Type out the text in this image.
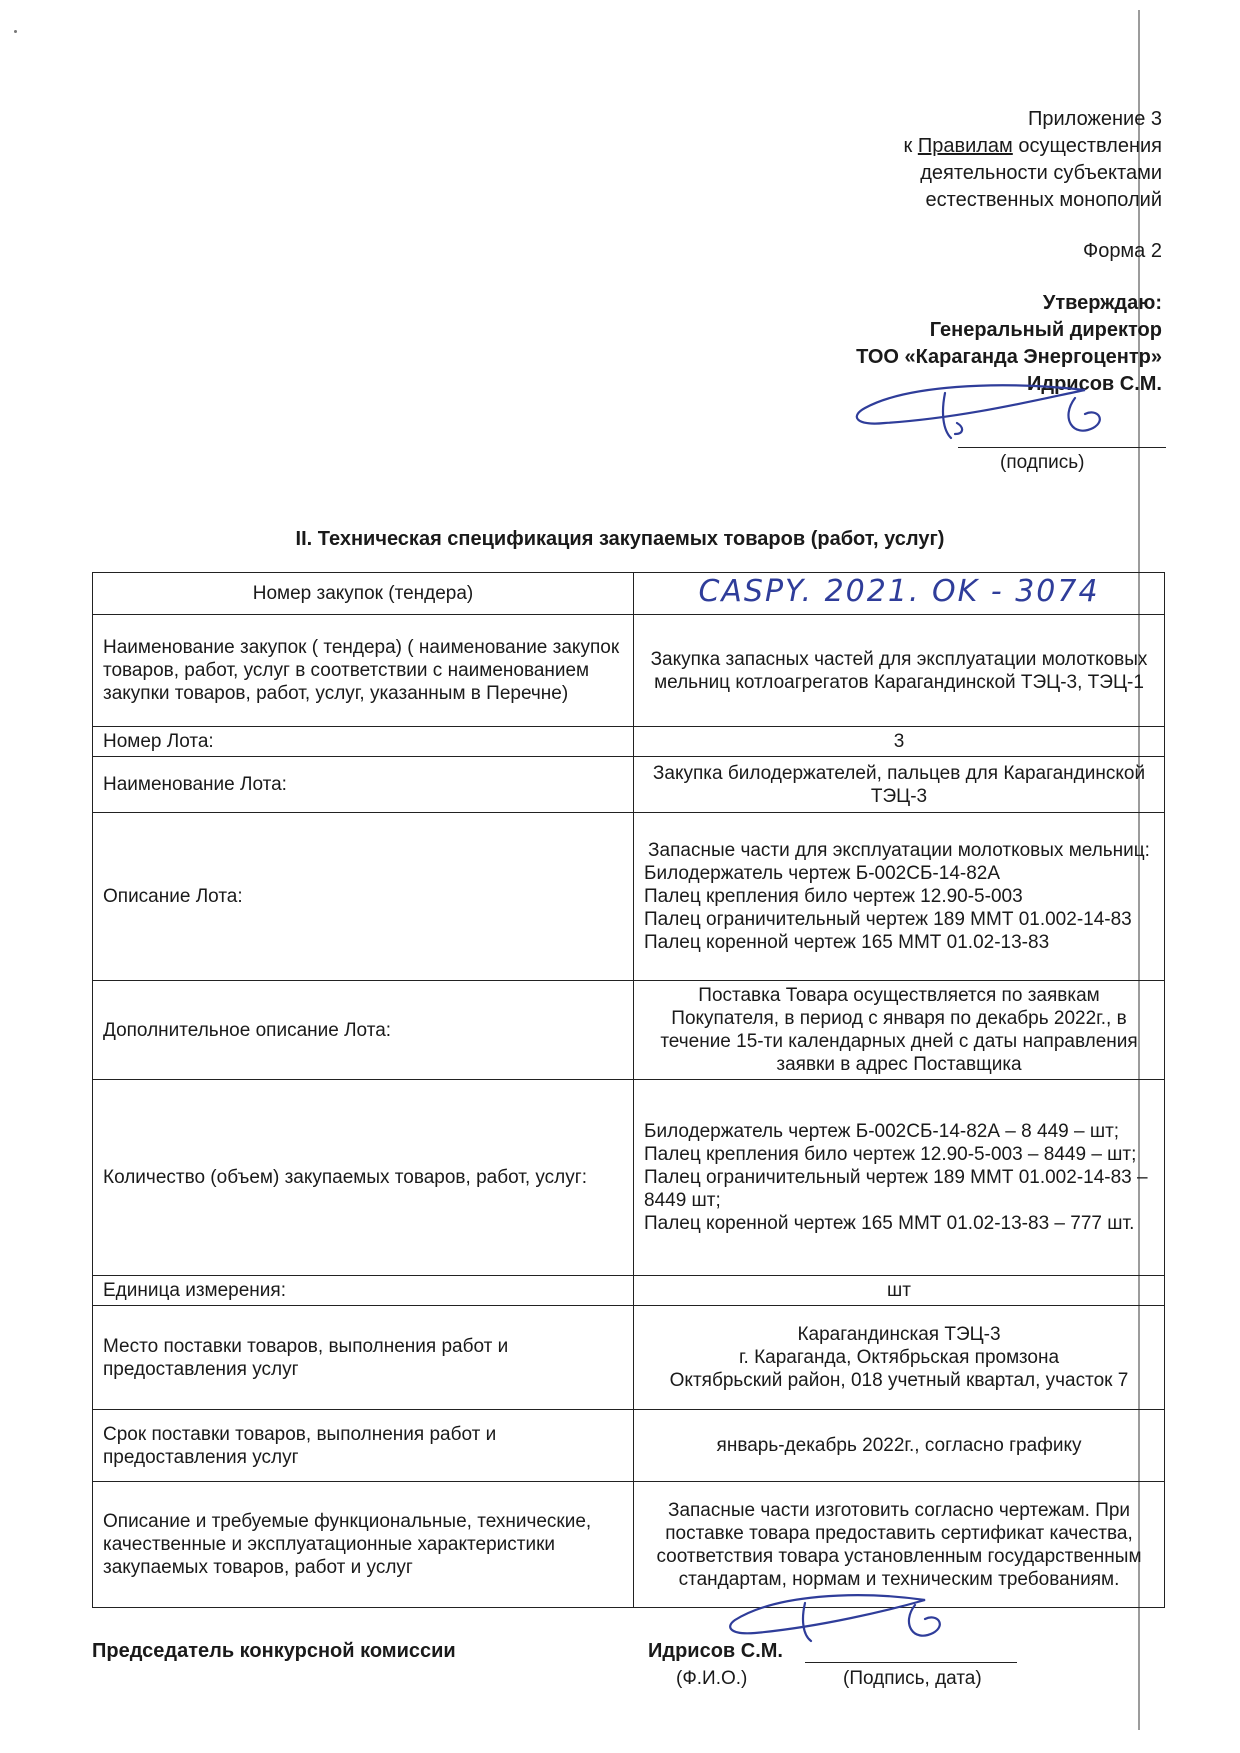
Приложение 3
к Правилам осуществления
деятельности субъектами
естественных монополий
Форма 2
Утверждаю:
Генеральный директор
ТОО «Караганда Энергоцентр»
Идрисов С.М.
(подпись)
II. Техническая спецификация закупаемых товаров (работ, услуг)
Номер закупок (тендера)	CASPY. 2021. OK - 3074
Наименование закупок ( тендера) ( наименование закупок товаров, работ, услуг в соответствии с наименованием закупки товаров, работ, услуг, указанным в Перечне)	Закупка запасных частей для эксплуатации молотковых мельниц котлоагрегатов Карагандинской ТЭЦ-3, ТЭЦ-1
Номер Лота:	3
Наименование Лота:	Закупка билодержателей, пальцев для Карагандинской ТЭЦ-3
Описание Лота:	Запасные части для эксплуатации молотковых мельниц:
Билодержатель чертеж Б-002СБ-14-82А
Палец крепления било чертеж 12.90-5-003
Палец ограничительный чертеж 189 ММТ 01.002-14-83
Палец коренной чертеж 165 ММТ 01.02-13-83

Дополнительное описание Лота:	Поставка Товара осуществляется по заявкам Покупателя, в период с января по декабрь 2022г., в течение 15-ти календарных дней с даты направления заявки в адрес Поставщика
Количество (объем) закупаемых товаров, работ, услуг:	Билодержатель чертеж Б-002СБ-14-82А – 8 449 – шт;
Палец крепления било чертеж 12.90-5-003 – 8449 – шт;
Палец ограничительный чертеж 189 ММТ 01.002-14-83 – 8449 шт;
Палец коренной чертеж 165 ММТ 01.02-13-83 – 777 шт.

Единица измерения:	шт
Место поставки товаров, выполнения работ и предоставления услуг	Карагандинская ТЭЦ-3
г. Караганда, Октябрьская промзона
Октябрьский район, 018 учетный квартал, участок 7

Срок поставки товаров, выполнения работ и предоставления услуг	январь-декабрь 2022г., согласно графику
Описание и требуемые функциональные, технические, качественные и эксплуатационные характеристики закупаемых товаров, работ и услуг	Запасные части изготовить согласно чертежам. При поставке товара предоставить сертификат качества, соответствия товара установленным государственным стандартам, нормам и техническим требованиям.
Председатель конкурсной комиссии	Идрисов С.М.
(Ф.И.О.)	(Подпись, дата)
